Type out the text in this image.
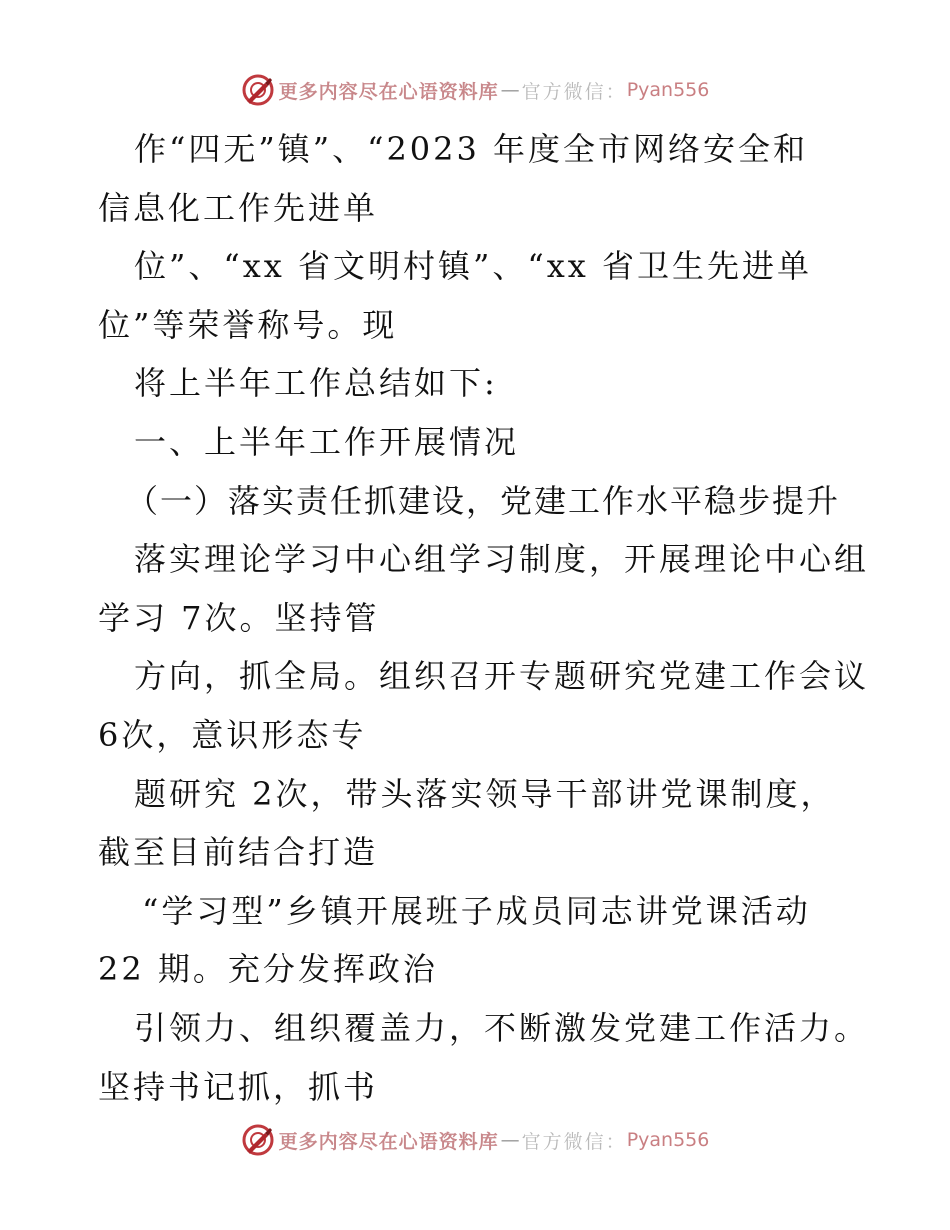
更多内容尽在心语资料库 — 官方微信： Pyan556
作“四无”镇”、“2023 年度全市网络安全和
信息化工作先进单
位”、“xx 省文明村镇”、“xx 省卫生先进单
位”等荣誉称号。现
将上半年工作总结如下:
一、上半年工作开展情况
（一）落实责任抓建设，党建工作水平稳步提升
落实理论学习中心组学习制度，开展理论中心组
学习 7次。坚持管
方向，抓全局。组织召开专题研究党建工作会议
6次，意识形态专
题研究 2次，带头落实领导干部讲党课制度，
截至目前结合打造
“学习型”乡镇开展班子成员同志讲党课活动
22 期。充分发挥政治
引领力、组织覆盖力，不断激发党建工作活力。
坚持书记抓，抓书
更多内容尽在心语资料库 — 官方微信： Pyan556
